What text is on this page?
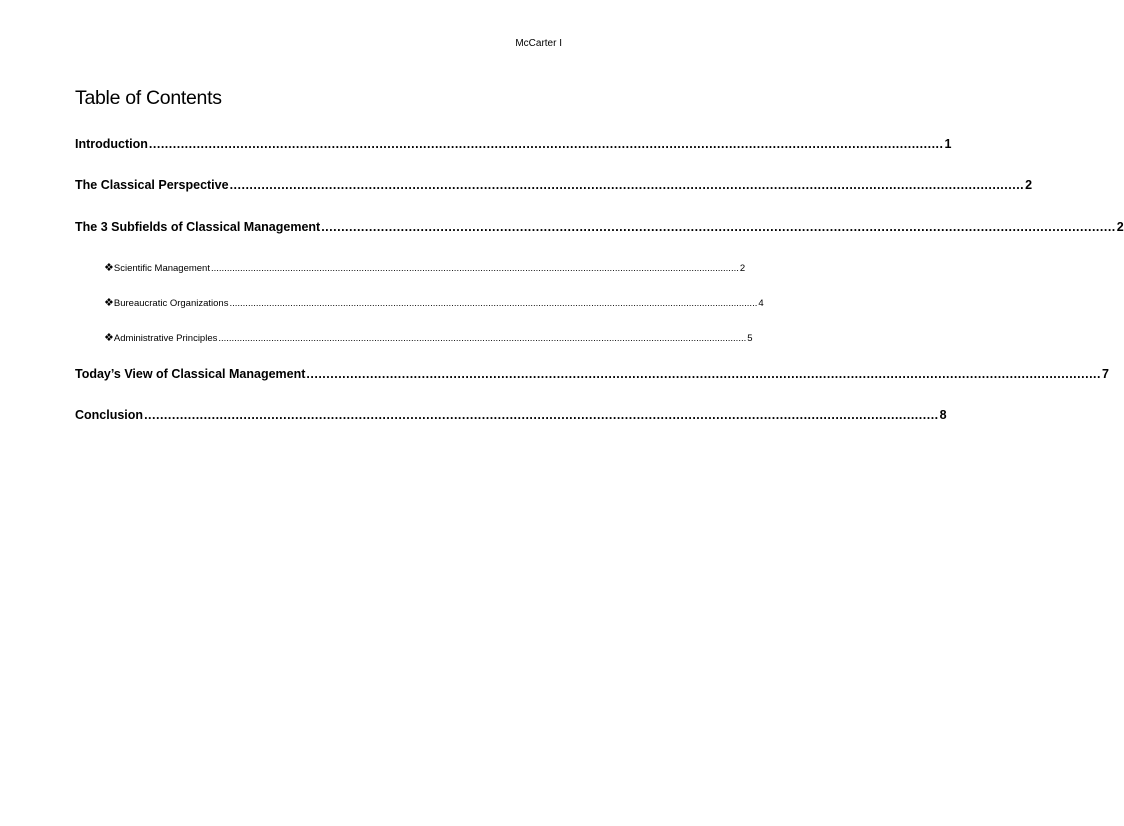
McCarter I
Table of Contents
Introduction ........................................................................................................................................................................................................ 1
The Classical Perspective ........................................................................................................................................................................................................ 2
The 3 Subfields of Classical Management ........................................................................................................................................................................................................ 2
❖ Scientific Management ........................................................................................................................................................................................................ 2
❖ Bureaucratic Organizations ........................................................................................................................................................................................................ 4
❖ Administrative Principles ........................................................................................................................................................................................................ 5
Today’s View of Classical Management ........................................................................................................................................................................................................ 7
Conclusion ........................................................................................................................................................................................................ 8
